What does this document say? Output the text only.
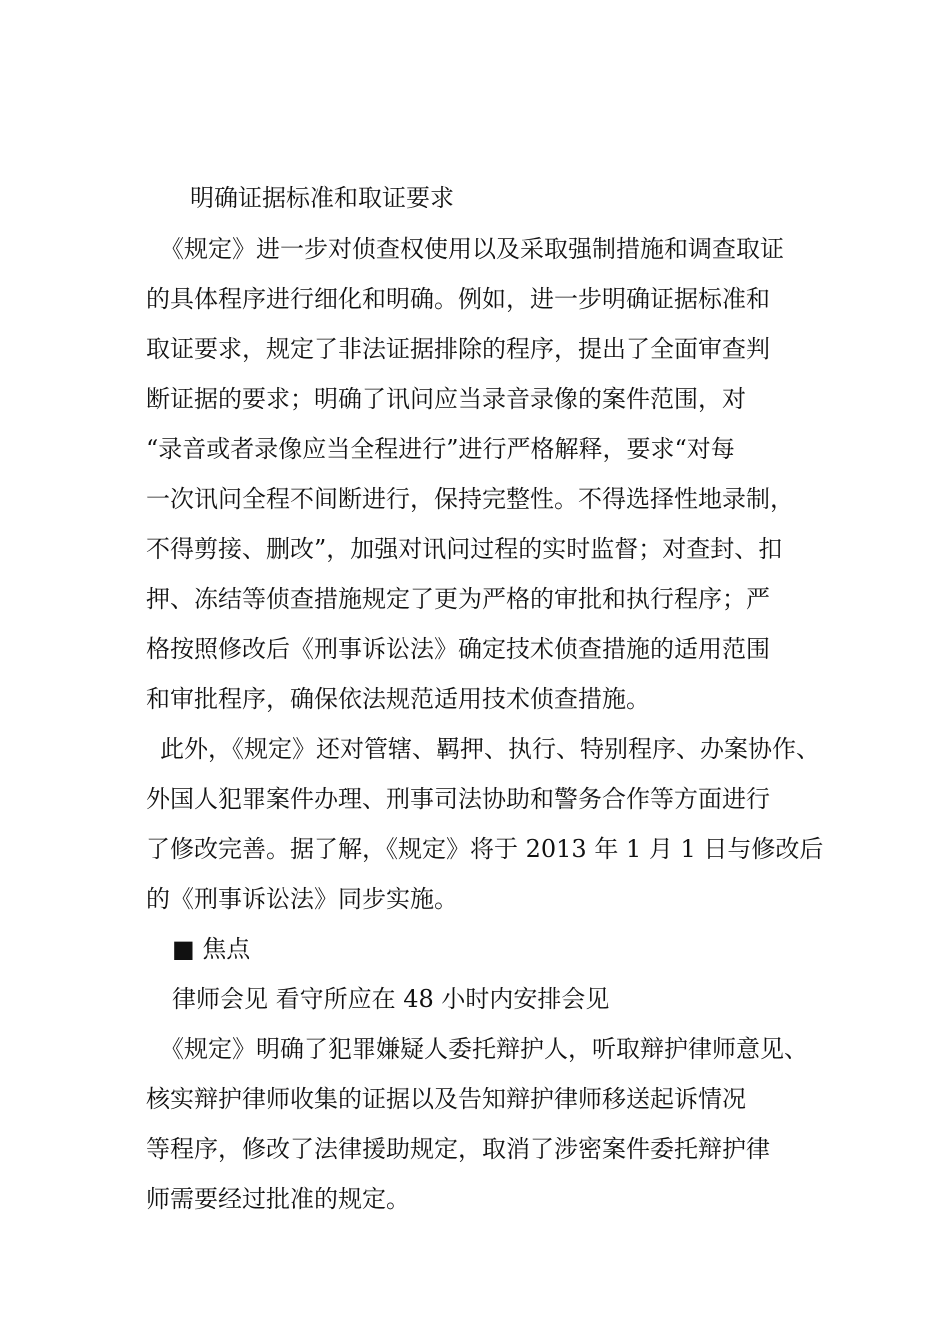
明确证据标准和取证要求
《规定》进一步对侦查权使用以及采取强制措施和调查取证
的具体程序进行细化和明确。例如，进一步明确证据标准和
取证要求，规定了非法证据排除的程序，提出了全面审查判
断证据的要求；明确了讯问应当录音录像的案件范围，对
“录音或者录像应当全程进行”进行严格解释，要求“对每
一次讯问全程不间断进行，保持完整性。不得选择性地录制，
不得剪接、删改”，加强对讯问过程的实时监督；对查封、扣
押、冻结等侦查措施规定了更为严格的审批和执行程序；严
格按照修改后《刑事诉讼法》确定技术侦查措施的适用范围
和审批程序，确保依法规范适用技术侦查措施。
此外，《规定》还对管辖、羁押、执行、特别程序、办案协作、
外国人犯罪案件办理、刑事司法协助和警务合作等方面进行
了修改完善。据了解，《规定》将于 2013 年 1 月 1 日与修改后
的《刑事诉讼法》同步实施。
■ 焦点
律师会见 看守所应在 48 小时内安排会见
《规定》明确了犯罪嫌疑人委托辩护人，听取辩护律师意见、
核实辩护律师收集的证据以及告知辩护律师移送起诉情况
等程序，修改了法律援助规定，取消了涉密案件委托辩护律
师需要经过批准的规定。
